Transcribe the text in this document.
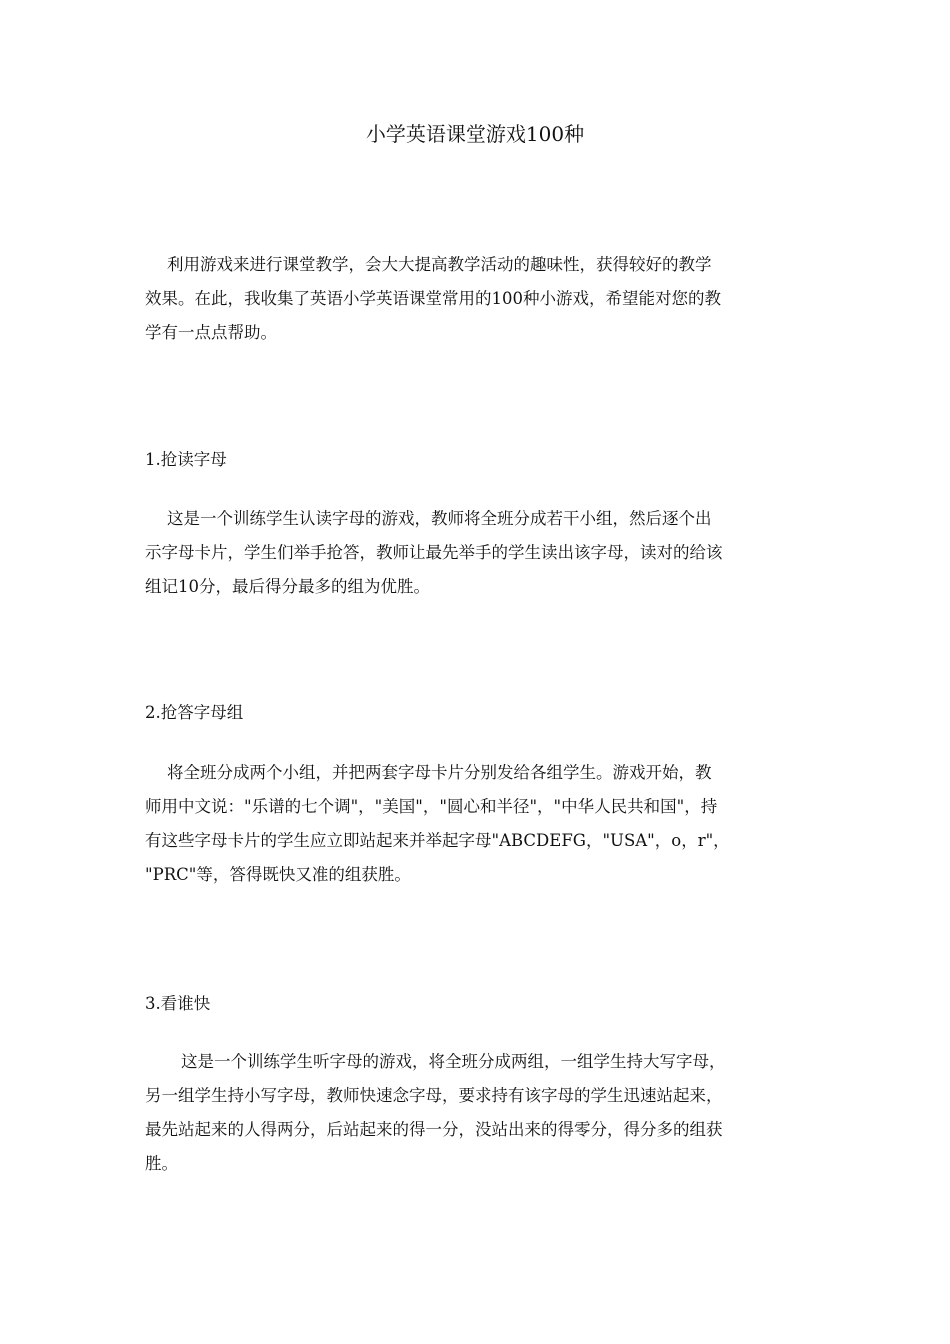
小学英语课堂游戏100种
利用游戏来进行课堂教学，会大大提高教学活动的趣味性，获得较好的教学
效果。在此，我收集了英语小学英语课堂常用的100种小游戏，希望能对您的教
学有一点点帮助。
1.抢读字母
这是一个训练学生认读字母的游戏，教师将全班分成若干小组，然后逐个出
示字母卡片，学生们举手抢答，教师让最先举手的学生读出该字母，读对的给该
组记10分，最后得分最多的组为优胜。
2.抢答字母组
将全班分成两个小组，并把两套字母卡片分别发给各组学生。游戏开始，教
师用中文说："乐谱的七个调"，"美国"，"圆心和半径"，"中华人民共和国"，持
有这些字母卡片的学生应立即站起来并举起字母"ABCDEFG，"USA"，o，r"，
"PRC"等，答得既快又准的组获胜。
3.看谁快
这是一个训练学生听字母的游戏，将全班分成两组，一组学生持大写字母，
另一组学生持小写字母，教师快速念字母，要求持有该字母的学生迅速站起来，
最先站起来的人得两分，后站起来的得一分，没站出来的得零分，得分多的组获
胜。
